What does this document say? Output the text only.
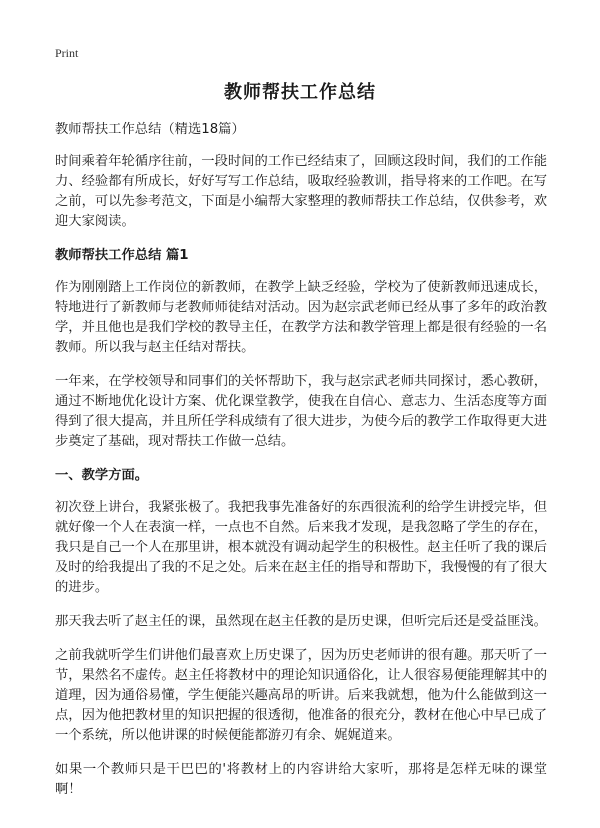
Print
教师帮扶工作总结
教师帮扶工作总结（精选18篇）
时间乘着年轮循序往前，一段时间的工作已经结束了，回顾这段时间，我们的工作能力、经验都有所成长，好好写写工作总结，吸取经验教训，指导将来的工作吧。在写之前，可以先参考范文，下面是小编帮大家整理的教师帮扶工作总结，仅供参考，欢迎大家阅读。
教师帮扶工作总结 篇1
作为刚刚踏上工作岗位的新教师，在教学上缺乏经验，学校为了使新教师迅速成长，特地进行了新教师与老教师师徒结对活动。因为赵宗武老师已经从事了多年的政治教学，并且他也是我们学校的教导主任，在教学方法和教学管理上都是很有经验的一名教师。所以我与赵主任结对帮扶。
一年来，在学校领导和同事们的关怀帮助下，我与赵宗武老师共同探讨，悉心教研，通过不断地优化设计方案、优化课堂教学，使我在自信心、意志力、生活态度等方面得到了很大提高，并且所任学科成绩有了很大进步，为使今后的教学工作取得更大进步奠定了基础，现对帮扶工作做一总结。
一、教学方面。
初次登上讲台，我紧张极了。我把我事先准备好的东西很流利的给学生讲授完毕，但就好像一个人在表演一样，一点也不自然。后来我才发现，是我忽略了学生的存在，我只是自己一个人在那里讲，根本就没有调动起学生的积极性。赵主任听了我的课后及时的给我提出了我的不足之处。后来在赵主任的指导和帮助下，我慢慢的有了很大的进步。
那天我去听了赵主任的课，虽然现在赵主任教的是历史课，但听完后还是受益匪浅。
之前我就听学生们讲他们最喜欢上历史课了，因为历史老师讲的很有趣。那天听了一节，果然名不虚传。赵主任将教材中的理论知识通俗化，让人很容易便能理解其中的道理，因为通俗易懂，学生便能兴趣高昂的听讲。后来我就想，他为什么能做到这一点，因为他把教材里的知识把握的很透彻，他准备的很充分，教材在他心中早已成了一个系统，所以他讲课的时候便能都游刃有余、娓娓道来。
如果一个教师只是干巴巴的'将教材上的内容讲给大家听，那将是怎样无味的课堂啊！
